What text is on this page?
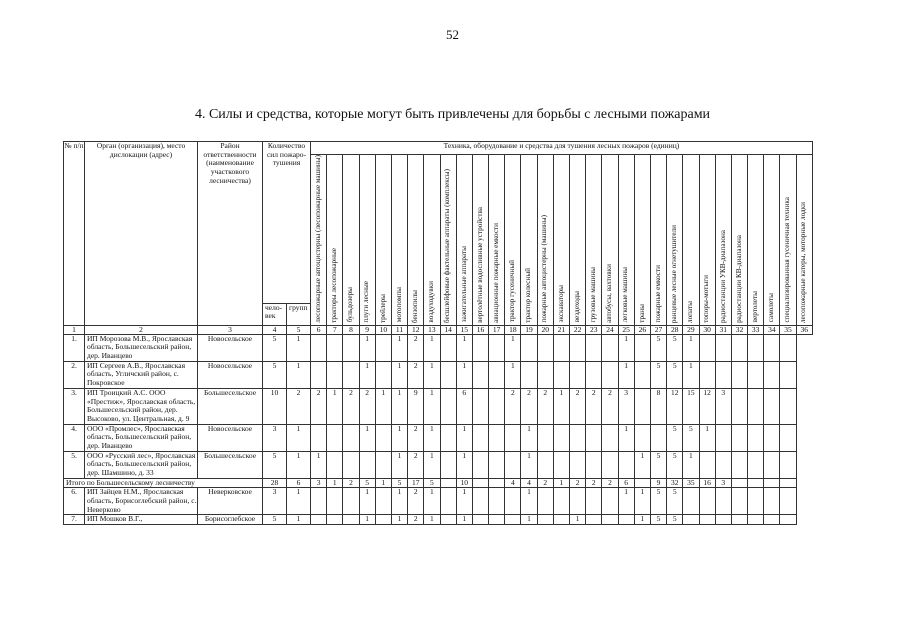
52
4. Силы и средства, которые могут быть привлечены для борьбы с лесными пожарами
№ п/п	Орган (организация), место дислокации (адрес)	Район ответственности (наименование участкового лесничества)	Количество сил пожаро-тушения		Техника, оборудование и средства для тушения лесных пожаров (единиц)																														

					лесопожарные автоцистерны (лесопожарные машины)	тракторы лесопожарные	бульдозеры	плуги лесные	трейлеры	мотопомпы	бензопилы	воздуходувки	бесшлейфовые фактельные аппараты (комплексы)	зажигательные аппараты	вертолётные водосливные устройства	авиационные пожарные емкости	трактор гусеничный	трактор колесный	пожарные автоцистерны (машины)	экскаваторы	вездеходы	грузовые машины	автобусы, вахтовки	легковые машины	траны	пожарные емкости	ранцевые лесные огнетушители	лопаты	топоры-мотыги	радиостанции УКВ-диапазона	радиостанции КВ-диапазона	вертолеты	самолеты	специализированная гусеничная техника	лесопожарные катеры, моторные лодки

			чело-век	групп																															
1	2	3	4	5	6	7	8	9	10	11	12	13	14	15	16	17	18	19	20	21	22	23	24	25	26	27	28	29	30	31	32	33	34	35	36
1.	ИП Морозова М.В., Ярославская область, Большесельский район, дер. Иванцево	Новосельское	5	1				1		1	2	1		1			1							1		5	5	1							
2.	ИП Сергеев А.В., Ярославская область, Угличский район, с. Покровское	Новосельское	5	1				1		1	2	1		1			1							1		5	5	1							
3.	ИП Троицкий А.С. ООО «Престиж», Ярославская область, Большесельский район, дер. Высоково, ул. Центральная, д. 9	Большесельское	10	2	2	1	2	2	1	1	9	1		6			2	2	2	1	2	2	2	3		8	12	15	12	3					
4.	ООО «Промлес», Ярославская область, Большесельский район, дер. Иванцево	Новосельское	3	1				1		1	2	1		1				1						1			5	5	1						
5.	ООО «Русский лес», Ярославская область, Большесельский район, дер. Шамшино, д. 33	Большесельское	5	1	1					1	2	1		1				1							1	5	5	1							
Итого по Большесельскому лесничеству			28	6	3	1	2	5	1	5	17	5		10			4	4	2	1	2	2	2	6		9	32	35	16	3					
6.	ИП Зайцев Н.М., Ярославская область, Борисоглебский район, с. Неверково	Неверковское	3	1				1		1	2	1		1				1						1	1	5	5								
7.	ИП Мошков В.Г.,	Борисоглебское	5	1				1		1	2	1		1				1			1				1	5	5								
